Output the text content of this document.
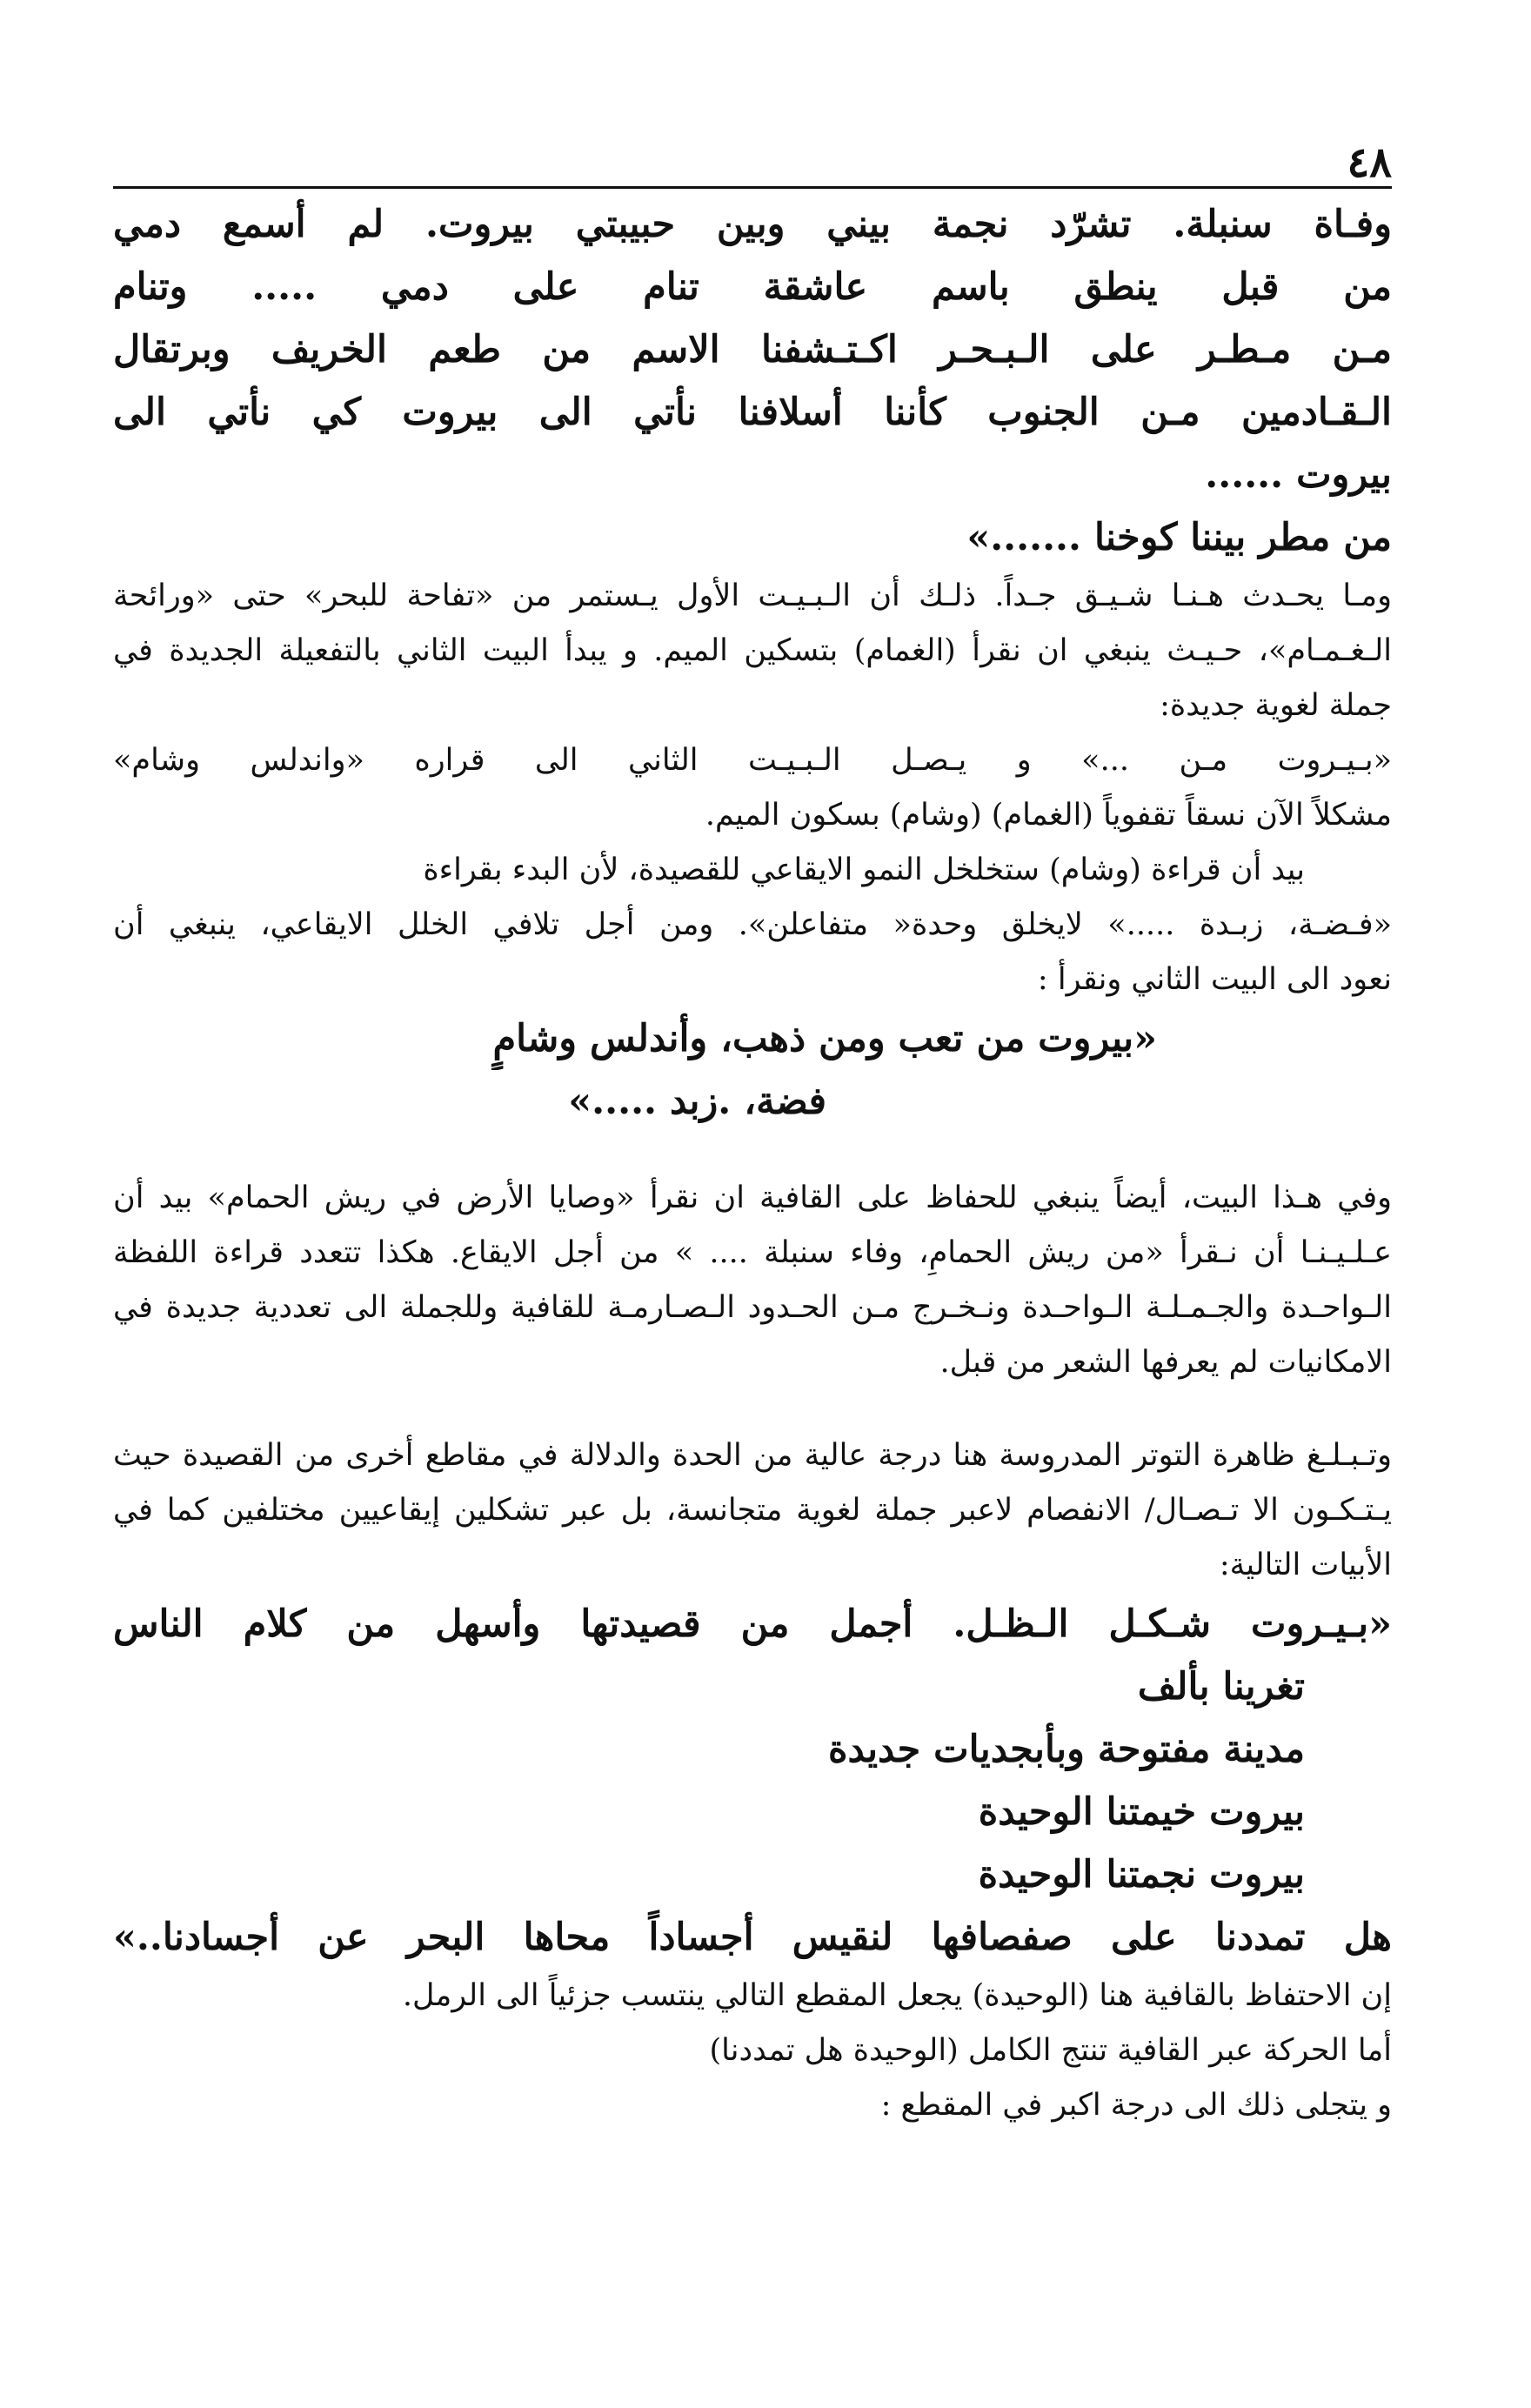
٤٨
وفـاة سنبلة. تشرّد نجمة بيني وبين حبيبتي بيروت. لم أسمع دمي
من قبل ينطق باسم عاشقة تنام على دمي ..... وتنام
مـن مـطـر على الـبـحـر اكـتـشفنا الاسم من طعم الخريف وبرتقال
الـقـادمين مـن الجنوب كأننا أسلافنا نأتي الى بيروت كي نأتي الى
بيروت ......
من مطر بيننا كوخنا .......»
ومـا يحـدث هـنـا شـيـق جـداً. ذلـك أن الـبـيـت الأول يـستمر من «تفاحة للبحر» حتى «ورائحة
الـغـمـام»، حـيـث ينبغي ان نقرأ (الغمام) بتسكين الميم. و يبدأ البيت الثاني بالتفعيلة الجديدة في
جملة لغوية جديدة:
«بـيـروت مـن ...» و يـصـل الـبـيـت الثاني الى قراره «واندلس وشام»
مشكلاً الآن نسقاً تقفوياً (الغمام) (وشام) بسكون الميم.
بيد أن قراءة (وشام) ستخلخل النمو الايقاعي للقصيدة، لأن البدء بقراءة
«فـضـة، زبـدة .....» لايخلق وحدة« متفاعلن». ومن أجل تلافي الخلل الايقاعي، ينبغي أن
نعود الى البيت الثاني ونقرأ :
«بيروت من تعب ومن ذهب، وأندلس وشامٍ
فضة، .زبد .....»
وفي هـذا البيت، أيضاً ينبغي للحفاظ على القافية ان نقرأ «وصايا الأرض في ريش الحمام» بيد أن
عـلـيـنـا أن نـقرأ «من ريش الحمامِ، وفاء سنبلة .... » من أجل الايقاع. هكذا تتعدد قراءة اللفظة
الـواحـدة والجـمـلـة الـواحـدة ونـخـرج مـن الحـدود الـصـارمـة للقافية وللجملة الى تعددية جديدة في
الامكانيات لم يعرفها الشعر من قبل.
وتـبـلـغ ظاهرة التوتر المدروسة هنا درجة عالية من الحدة والدلالة في مقاطع أخرى من القصيدة حيث
يـتـكـون الا تـصـال/ الانفصام لاعبر جملة لغوية متجانسة، بل عبر تشكلين إيقاعيين مختلفين كما في
الأبيات التالية:
«بـيـروت شـكـل الـظـل. أجمل من قصيدتها وأسهل من كلام الناس
تغرينا بألف
مدينة مفتوحة وبأبجديات جديدة
بيروت خيمتنا الوحيدة
بيروت نجمتنا الوحيدة
هل تمددنا على صفصافها لنقيس أجساداً محاها البحر عن أجسادنا..»
إن الاحتفاظ بالقافية هنا (الوحيدة) يجعل المقطع التالي ينتسب جزئياً الى الرمل.
أما الحركة عبر القافية تنتج الكامل (الوحيدة هل تمددنا)
و يتجلى ذلك الى درجة اكبر في المقطع :
